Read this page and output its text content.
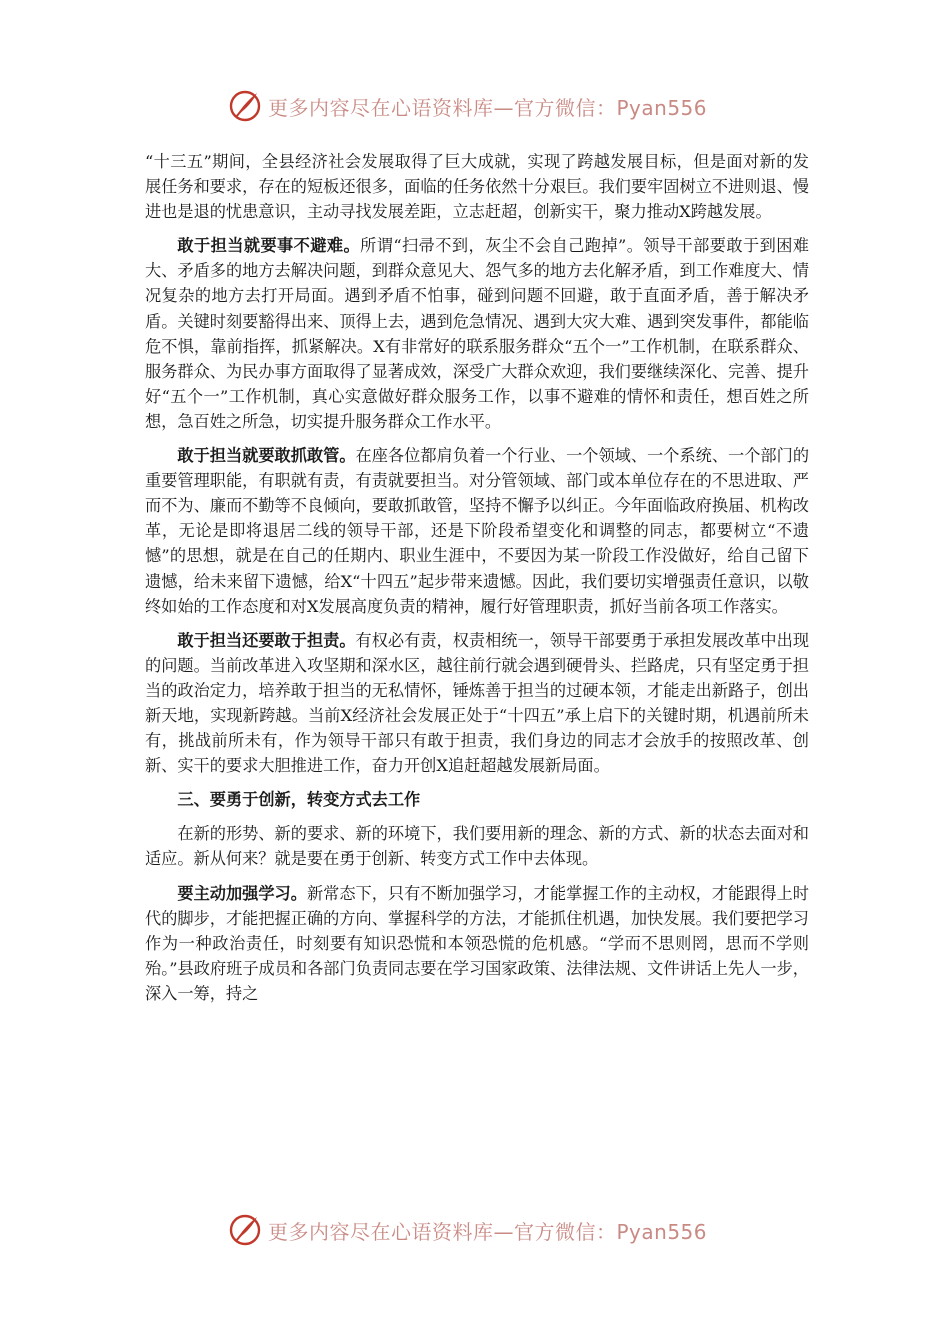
更多内容尽在心语资料库—官方微信：Pyan556

“十三五”期间，全县经济社会发展取得了巨大成就，实现了跨越发展目标，但是面对新的发展任务和要求，存在的短板还很多，面临的任务依然十分艰巨。我们要牢固树立不进则退、慢进也是退的忧患意识，主动寻找发展差距，立志赶超，创新实干，聚力推动X跨越发展。

敢于担当就要事不避难。所谓“扫帚不到，灰尘不会自己跑掉”。领导干部要敢于到困难大、矛盾多的地方去解决问题，到群众意见大、怨气多的地方去化解矛盾，到工作难度大、情况复杂的地方去打开局面。遇到矛盾不怕事，碰到问题不回避，敢于直面矛盾，善于解决矛盾。关键时刻要豁得出来、顶得上去，遇到危急情况、遇到大灾大难、遇到突发事件，都能临危不惧，靠前指挥，抓紧解决。X有非常好的联系服务群众“五个一”工作机制，在联系群众、服务群众、为民办事方面取得了显著成效，深受广大群众欢迎，我们要继续深化、完善、提升好“五个一”工作机制，真心实意做好群众服务工作，以事不避难的情怀和责任，想百姓之所想，急百姓之所急，切实提升服务群众工作水平。

敢于担当就要敢抓敢管。在座各位都肩负着一个行业、一个领域、一个系统、一个部门的重要管理职能，有职就有责，有责就要担当。对分管领域、部门或本单位存在的不思进取、严而不为、廉而不勤等不良倾向，要敢抓敢管，坚持不懈予以纠正。今年面临政府换届、机构改革，无论是即将退居二线的领导干部，还是下阶段希望变化和调整的同志，都要树立“不遗憾”的思想，就是在自己的任期内、职业生涯中，不要因为某一阶段工作没做好，给自己留下遗憾，给未来留下遗憾，给X“十四五”起步带来遗憾。因此，我们要切实增强责任意识，以敬终如始的工作态度和对X发展高度负责的精神，履行好管理职责，抓好当前各项工作落实。

敢于担当还要敢于担责。有权必有责，权责相统一，领导干部要勇于承担发展改革中出现的问题。当前改革进入攻坚期和深水区，越往前行就会遇到硬骨头、拦路虎，只有坚定勇于担当的政治定力，培养敢于担当的无私情怀，锤炼善于担当的过硬本领，才能走出新路子，创出新天地，实现新跨越。当前X经济社会发展正处于“十四五”承上启下的关键时期，机遇前所未有，挑战前所未有，作为领导干部只有敢于担责，我们身边的同志才会放手的按照改革、创新、实干的要求大胆推进工作，奋力开创X追赶超越发展新局面。

三、要勇于创新，转变方式去工作

在新的形势、新的要求、新的环境下，我们要用新的理念、新的方式、新的状态去面对和适应。新从何来？就是要在勇于创新、转变方式工作中去体现。

要主动加强学习。新常态下，只有不断加强学习，才能掌握工作的主动权，才能跟得上时代的脚步，才能把握正确的方向、掌握科学的方法，才能抓住机遇，加快发展。我们要把学习作为一种政治责任，时刻要有知识恐慌和本领恐慌的危机感。“学而不思则罔，思而不学则殆。”县政府班子成员和各部门负责同志要在学习国家政策、法律法规、文件讲话上先人一步，深入一筹，持之

更多内容尽在心语资料库—官方微信：Pyan556
